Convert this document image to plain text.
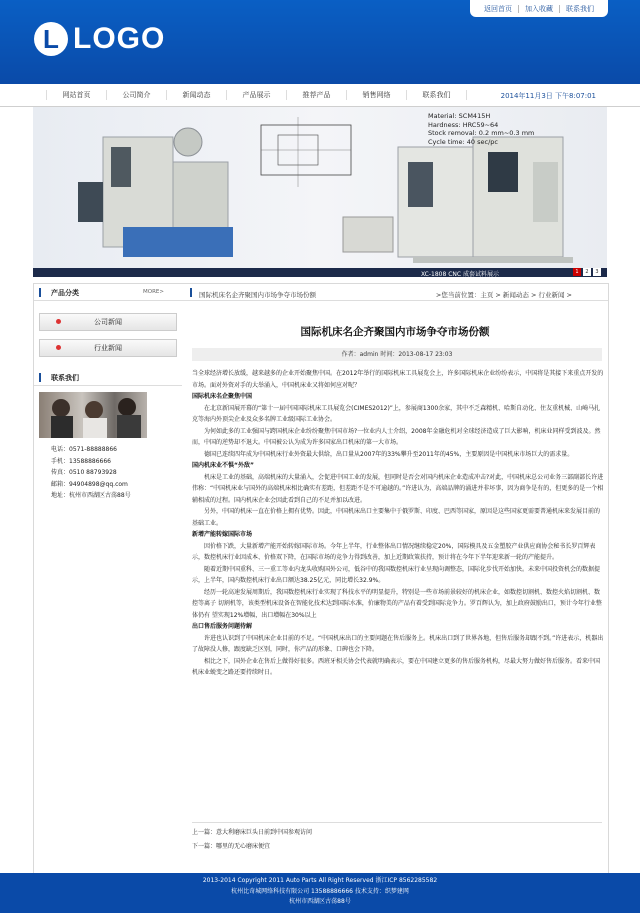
L LOGO
返回首页 加入收藏 联系我们
网站首页	公司简介	新闻动态	产品展示	推荐产品	销售网络	联系我们	2014年11月3日 下午8:07:01
Material: SCM415H
Hardness: HRC59~64
Stock removal: 0.2 mm~0.3 mm
Cycle time: 40 sec/pc
XC-1808 CNC 成套试料展示	1	2	3
产品分类	MORE>
公司新闻
行业新闻
联系我们
电话：0571-88888866
手机：13588886666
传真：0510 88793928
邮箱：94904898@qq.com
地址：杭州市西湖区古荡88号
国际机床名企齐聚国内市场争夺市场份额	>您当前位置：主页 > 新闻动态 > 行业新闻 >
国际机床名企齐聚国内市场争夺市场份额
作者：admin 时间：2013-08-17 23:03

当全球经济增长放缓，越来越多的企业开始聚焦中国。在2012年举行的国际机床工具展览会上，许多国际机床企业纷纷表示，中国将是其接下来重点开发的市场。面对外资对手的大举涌入，中国机床业又将如何应对呢？

国际机床名企聚焦中国

在北京新国展开幕的“第十一届中国国际机床工具展览会(CIMES2012)”上，参展商1300余家，其中不乏森精机、哈斯自动化、住友重机械、山崎马扎克等海内外顶尖企业及众多名牌工业级国际工业协会。

为何如此多的工业强国与跨国机床企业纷纷聚焦中国市场?一位业内人士介绍，2008年金融危机对全球经济造成了巨大影响，机床业同样受到波及。然而，中国的逆势却不退大。中国被公认为成为许多国家出口机床的第一大市场。

德国已连续四年成为中国机床行业外资最大供给，出口量从2007年的33%攀升至2011年的45%，主要原因是中国机床市场巨大的需求量。

国内机床业不惧“外敌”

机床是工业的基础，高端机床的大量涌入，会促进中国工业的发展，但同时是否会对国内机床企业造成冲击?对此，中国机床总公司业务三部副部长许进伟称：“中国机床业与国外的高端机床相比确实有差距，但差距不是不可逾越的。”许进认为，高端品牌的涌进并非坏事，因为商争是有的，但更多的是一个相辅相成的过程。国内机床企业会因此看到自己的不足并加以改进。

另外，中国的机床一直在价格上拥有优势。因此，中国机床出口主要集中于俄罗斯、印度、巴西等国家，原因是这些国家更需要普通机床来发展目前的基础工业。

新增产能转嫁国际市场

因价格下跌，大量新增产能开始转嫁国际市场。今年上半年，行业整体出口情况继续稳定20%，国际模具及五金塑胶产业供应商协会秘书长罗百辉表示，数控机床行业因成本、价格双下降，在国际市场的竞争力得到改善，加上近期政策扶持，预计将在今年下半年迎来新一轮的产能提升。

随着近期中国重科、三一重工等业内龙头收购国外公司，低谷中的我国数控机床行业呈现向调整态，国际化步伐开始加快。未来中国投资机会的数据提示，上半年，国内数控机床行业出口额达38.25亿元，同比增长32.9%。

经历一轮高速发展周期后，我国数控机床行业实现了科技水平的明显提升，特别是一些市场前景较好的机床企业，如数控切割机、数控火焰切割机、数控等离子 切割机等，该类型机床设备在智能化技术达到国际水准，价廉物美的产品有着受到国际竞争力。罗百辉认为，加上政府鼓励出口，预计今年行业整体仍有 望实现12%增幅，出口增幅在30%以上

出口售后服务问题待解

许进也认识到了中国机床企业目前的不足。“中国机床出口的主要问题在售后服务上。机床出口到了世界各地，但售后服务却跟不到。”许进表示，机器出了故障没人修，跟度缺乏区别，同时，你产品的形象、口碑也会下降。

相比之下，国外企业在售后上做得好很多。西班牙相关协会代表就明确表示，要在中国建立更多的售后服务机构，尽最大努力做好售后服务。看来中国机床业蜕变之路还要持续时日。

上一篇：意大利磨床巨头日前到中国参观访问
下一篇：哪里的无心磨床便宜
2013-2014 Copyright 2011 Auto Parts All Right Reserved 浙江ICP 8562285582
杭州比奇城网络科技有限公司 13588886666 技术支持：织梦建网
杭州市西湖区古荡88号
